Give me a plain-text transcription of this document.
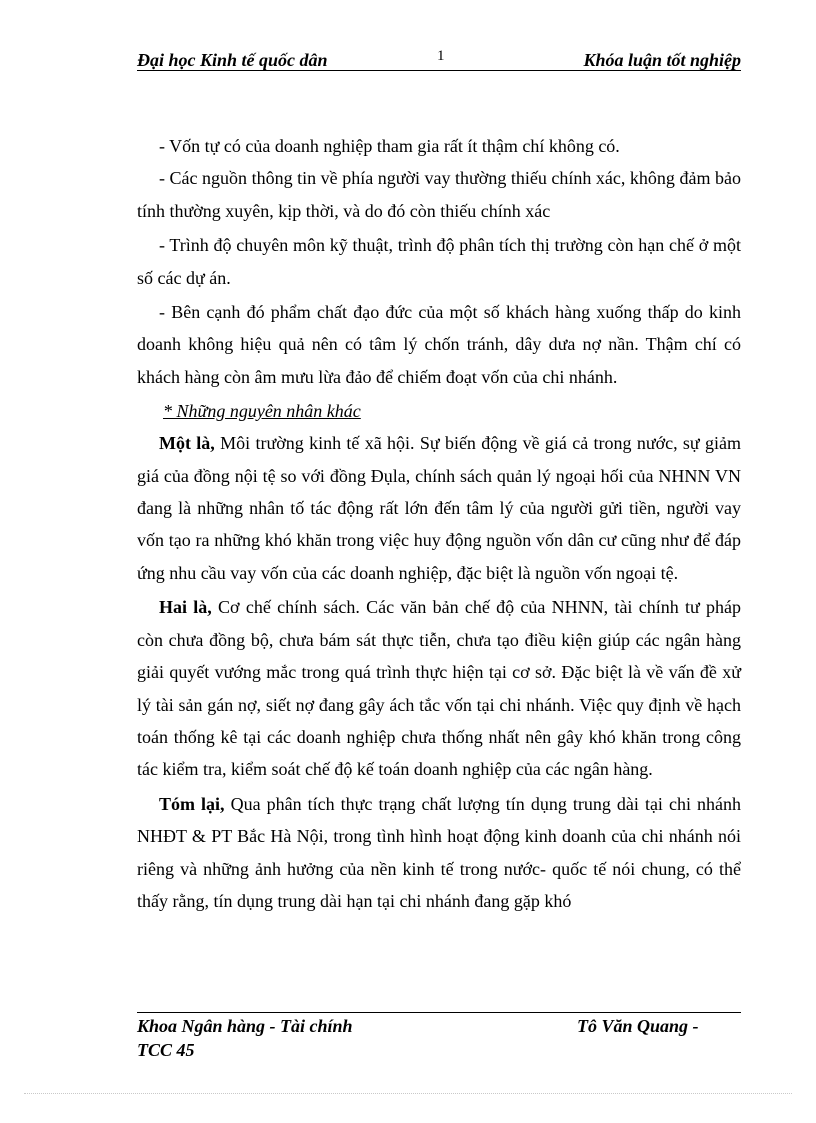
Đại học Kinh tế quốc dân	1	Khóa luận tốt nghiệp

- Vốn tự có của doanh nghiệp tham gia rất ít thậm chí không có.

- Các nguồn thông tin về phía người vay thường thiếu chính xác, không đảm bảo tính thường xuyên, kịp thời, và do đó còn thiếu chính xác

- Trình độ chuyên môn kỹ thuật, trình độ phân tích thị trường còn hạn chế ở một số các dự án.

- Bên cạnh đó phẩm chất đạo đức của một số khách hàng xuống thấp do kinh doanh không hiệu quả nên có tâm lý chốn tránh, dây dưa nợ nần. Thậm chí có khách hàng còn âm mưu lừa đảo để chiếm đoạt vốn của chi nhánh.

* Những nguyên nhân khác

Một là, Môi trường kinh tế xã hội. Sự biến động về giá cả trong nước, sự giảm giá của đồng nội tệ so với đồng Đụla, chính sách quản lý ngoại hối của NHNN VN đang là những nhân tố tác động rất lớn đến tâm lý của người gửi tiền, người vay vốn tạo ra những khó khăn trong việc huy động nguồn vốn dân cư cũng như để đáp ứng nhu cầu vay vốn của các doanh nghiệp, đặc biệt là nguồn vốn ngoại tệ.

Hai là, Cơ chế chính sách. Các văn bản chế độ của NHNN, tài chính tư pháp còn chưa đồng bộ, chưa bám sát thực tiễn, chưa tạo điều kiện giúp các ngân hàng giải quyết vướng mắc trong quá trình thực hiện tại cơ sở. Đặc biệt là về vấn đề xử lý tài sản gán nợ, siết nợ đang gây ách tắc vốn tại chi nhánh. Việc quy định về hạch toán thống kê tại các doanh nghiệp chưa thống nhất nên gây khó khăn trong công tác kiểm tra, kiểm soát chế độ kế toán doanh nghiệp của các ngân hàng.

Tóm lại, Qua phân tích thực trạng chất lượng tín dụng trung dài tại chi nhánh NHĐT & PT Bắc Hà Nội, trong tình hình hoạt động kinh doanh của chi nhánh nói riêng và những ảnh hưởng của nền kinh tế trong nước- quốc tế nói chung, có thể thấy rằng, tín dụng trung dài hạn tại chi nhánh đang gặp khó

Khoa Ngân hàng - Tài chính	Tô Văn Quang -
TCC 45
